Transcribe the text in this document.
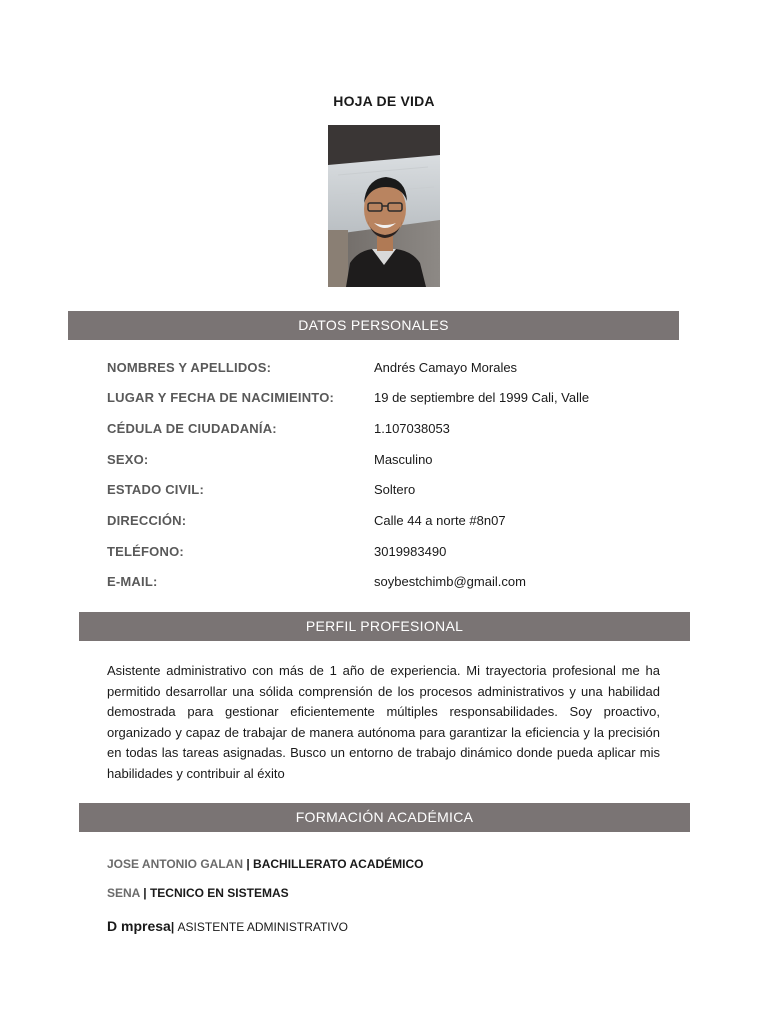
HOJA DE VIDA
DATOS PERSONALES
NOMBRES Y APELLIDOS:	Andrés Camayo Morales
LUGAR Y FECHA DE NACIMIEINTO:	19 de septiembre del 1999 Cali, Valle
CÉDULA DE CIUDADANÍA:	1.107038053
SEXO:	Masculino
ESTADO CIVIL:	Soltero
DIRECCIÓN:	Calle 44 a norte #8n07
TELÉFONO:	3019983490
E-MAIL:	soybestchimb@gmail.com
PERFIL PROFESIONAL
Asistente administrativo con más de 1 año de experiencia. Mi trayectoria profesional me ha permitido desarrollar una sólida comprensión de los procesos administrativos y una habilidad demostrada para gestionar eficientemente múltiples responsabilidades. Soy proactivo, organizado y capaz de trabajar de manera autónoma para garantizar la eficiencia y la precisión en todas las tareas asignadas. Busco un entorno de trabajo dinámico donde pueda aplicar mis habilidades y contribuir al éxito
FORMACIÓN ACADÉMICA
JOSE ANTONIO GALAN | BACHILLERATO ACADÉMICO
SENA | TECNICO EN SISTEMAS
D mpresa| ASISTENTE ADMINISTRATIVO
